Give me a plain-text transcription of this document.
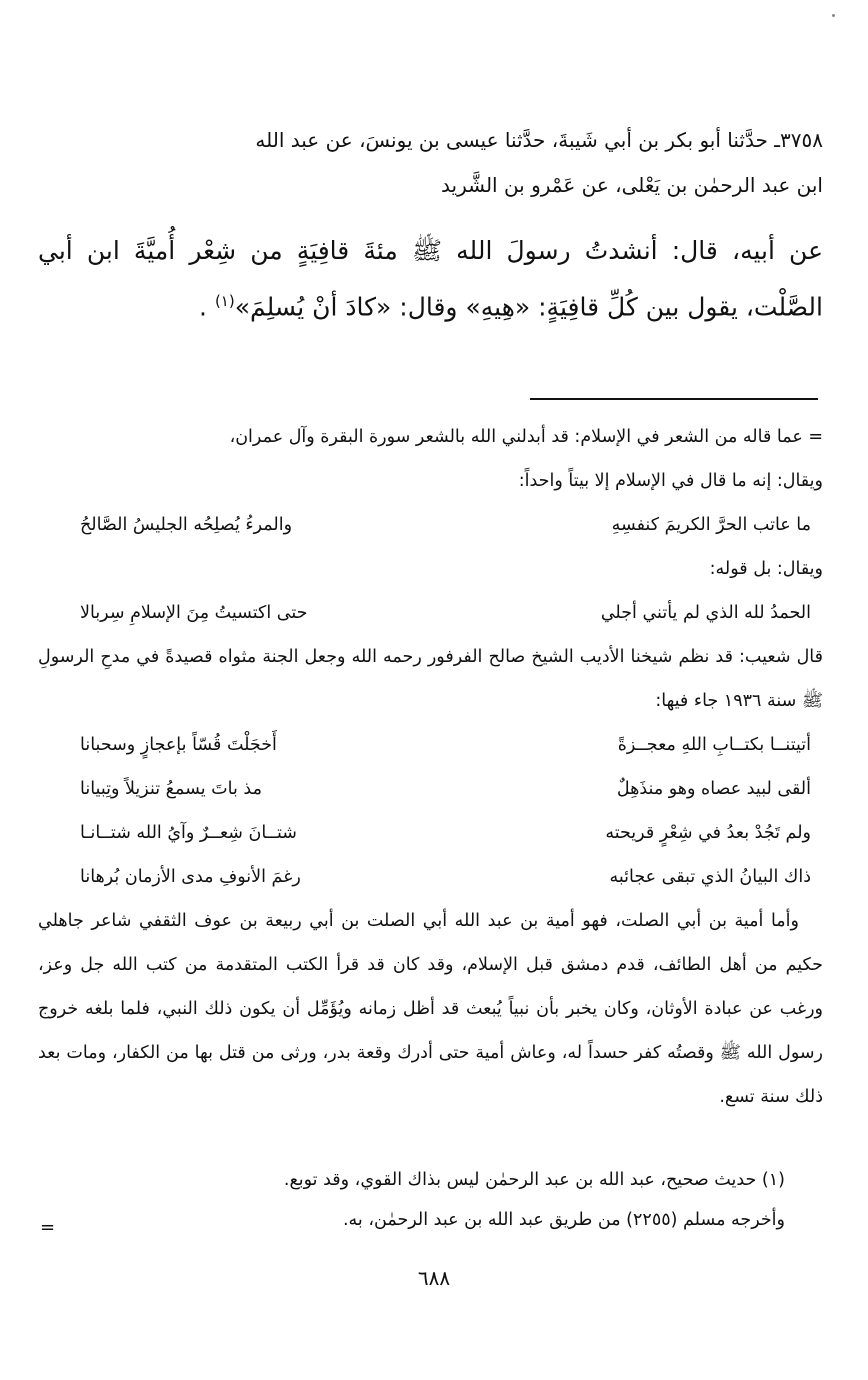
٣٧٥٨ـ حدَّثنا أبو بكر بن أبي شَيبةَ، حدَّثنا عيسى بن يونسَ، عن عبد الله

ابن عبد الرحمٰن بن يَعْلى، عن عَمْرو بن الشَّريد

عن أبيه، قال: أنشدتُ رسولَ الله ﷺ مئةَ قافِيَةٍ من شِعْر أُميَّةَ ابن أبي الصَّلْت، يقول بين كُلِّ قافِيَةٍ: «هِيهِ» وقال: «كادَ أنْ يُسلِمَ»$^{(١)}$ .

= عما قاله من الشعر في الإسلام: قد أبدلني الله بالشعر سورة البقرة وآل عمران،

ويقال: إنه ما قال في الإسلام إلا بيتاً واحداً:

ما عاتب الحرَّ الكريمَ كنفسِهِ
والمرءُ يُصلِحُه الجليسُ الصَّالحُ

ويقال: بل قوله:

الحمدُ لله الذي لم يأتني أجلي
حتى اكتسيتُ مِنَ الإسلامِ سِربالا

قال شعيب: قد نظم شيخنا الأديب الشيخ صالح الفرفور رحمه الله وجعل الجنة مثواه قصيدةً في مدحِ الرسولِ ﷺ سنة ١٩٣٦ جاء فيها:

أتيتنــا بكتــابِ اللهِ معجــزةً
أَخجَلْتَ قُسّاً بإعجازٍ وسحبانا
ألقى لبيد عصاه وهو منذَهِلٌ
مذ باتَ يسمعُ تنزيلاً وتِبيانا
ولم تَجُدْ بعدُ في شِعْرٍ قريحته
شتــانَ شِعــرٌ وآيُ الله شتــانـا
ذاك البيانُ الذي تبقى عجائبه
رغمَ الأنوفِ مدى الأزمان بُرهانا

وأما أمية بن أبي الصلت، فهو أمية بن عبد الله أبي الصلت بن أبي ربيعة بن عوف الثقفي شاعر جاهلي حكيم من أهل الطائف، قدم دمشق قبل الإسلام، وقد كان قد قرأ الكتب المتقدمة من كتب الله جل وعز، ورغب عن عبادة الأوثان، وكان يخبر بأن نبياً يُبعث قد أظل زمانه ويُؤَمِّل أن يكون ذلك النبي، فلما بلغه خروج رسول الله ﷺ وقصتُه كفر حسداً له، وعاش أمية حتى أدرك وقعة بدر، ورثى من قتل بها من الكفار، ومات بعد ذلك سنة تسع.

(١) حديث صحيح، عبد الله بن عبد الرحمٰن ليس بذاك القوي، وقد توبع.

وأخرجه مسلم (٢٢٥٥) من طريق عبد الله بن عبد الرحمٰن، به.

=
٦٨٨
